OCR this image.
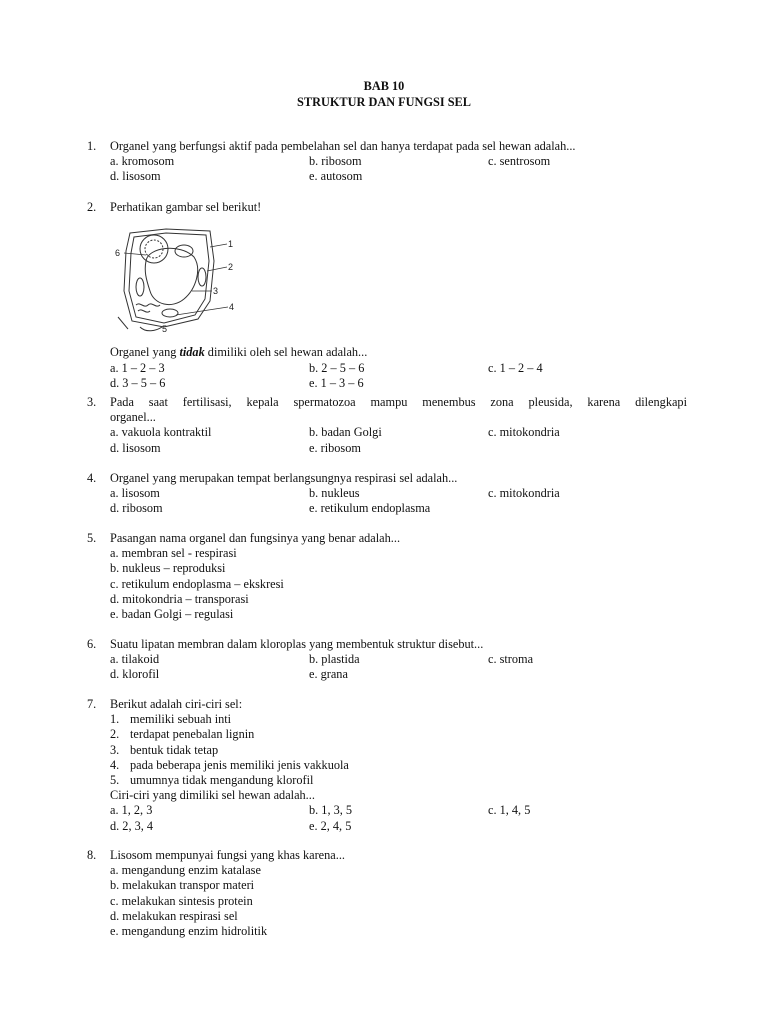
BAB 10
STRUKTUR DAN FUNGSI SEL
1. Organel yang berfungsi aktif pada pembelahan sel dan hanya terdapat pada sel hewan adalah...
a. kromosom	b. ribosom	c. sentrosom
d. lisosom	e. autosom
2. Perhatikan gambar sel berikut!
1
2
3
4
5
6
Organel yang tidak dimiliki oleh sel hewan adalah...
a. 1 – 2 – 3	b. 2 – 5 – 6	c. 1 – 2 – 4
d. 3 – 5 – 6	e. 1 – 3 – 6
3. Pada saat fertilisasi, kepala spermatozoa mampu menembus zona pleusida, karena dilengkapi
organel...
a. vakuola kontraktil	b. badan Golgi	c. mitokondria
d. lisosom	e. ribosom
4. Organel yang merupakan tempat berlangsungnya respirasi sel adalah...
a. lisosom	b. nukleus	c. mitokondria
d. ribosom	e. retikulum endoplasma
5. Pasangan nama organel dan fungsinya yang benar adalah...
a. membran sel - respirasi
b. nukleus – reproduksi
c. retikulum endoplasma – ekskresi
d. mitokondria – transporasi
e. badan Golgi – regulasi
6. Suatu lipatan membran dalam kloroplas yang membentuk struktur disebut...
a. tilakoid	b. plastida	c. stroma
d. klorofil	e. grana
7. Berikut adalah ciri-ciri sel:
1. memiliki sebuah inti
2. terdapat penebalan lignin
3. bentuk tidak tetap
4. pada beberapa jenis memiliki jenis vakkuola
5. umumnya tidak mengandung klorofil
Ciri-ciri yang dimiliki sel hewan adalah...
a. 1, 2, 3	b. 1, 3, 5	c. 1, 4, 5
d. 2, 3, 4	e. 2, 4, 5
8. Lisosom mempunyai fungsi yang khas karena...
a. mengandung enzim katalase
b. melakukan transpor materi
c. melakukan sintesis protein
d. melakukan respirasi sel
e. mengandung enzim hidrolitik
